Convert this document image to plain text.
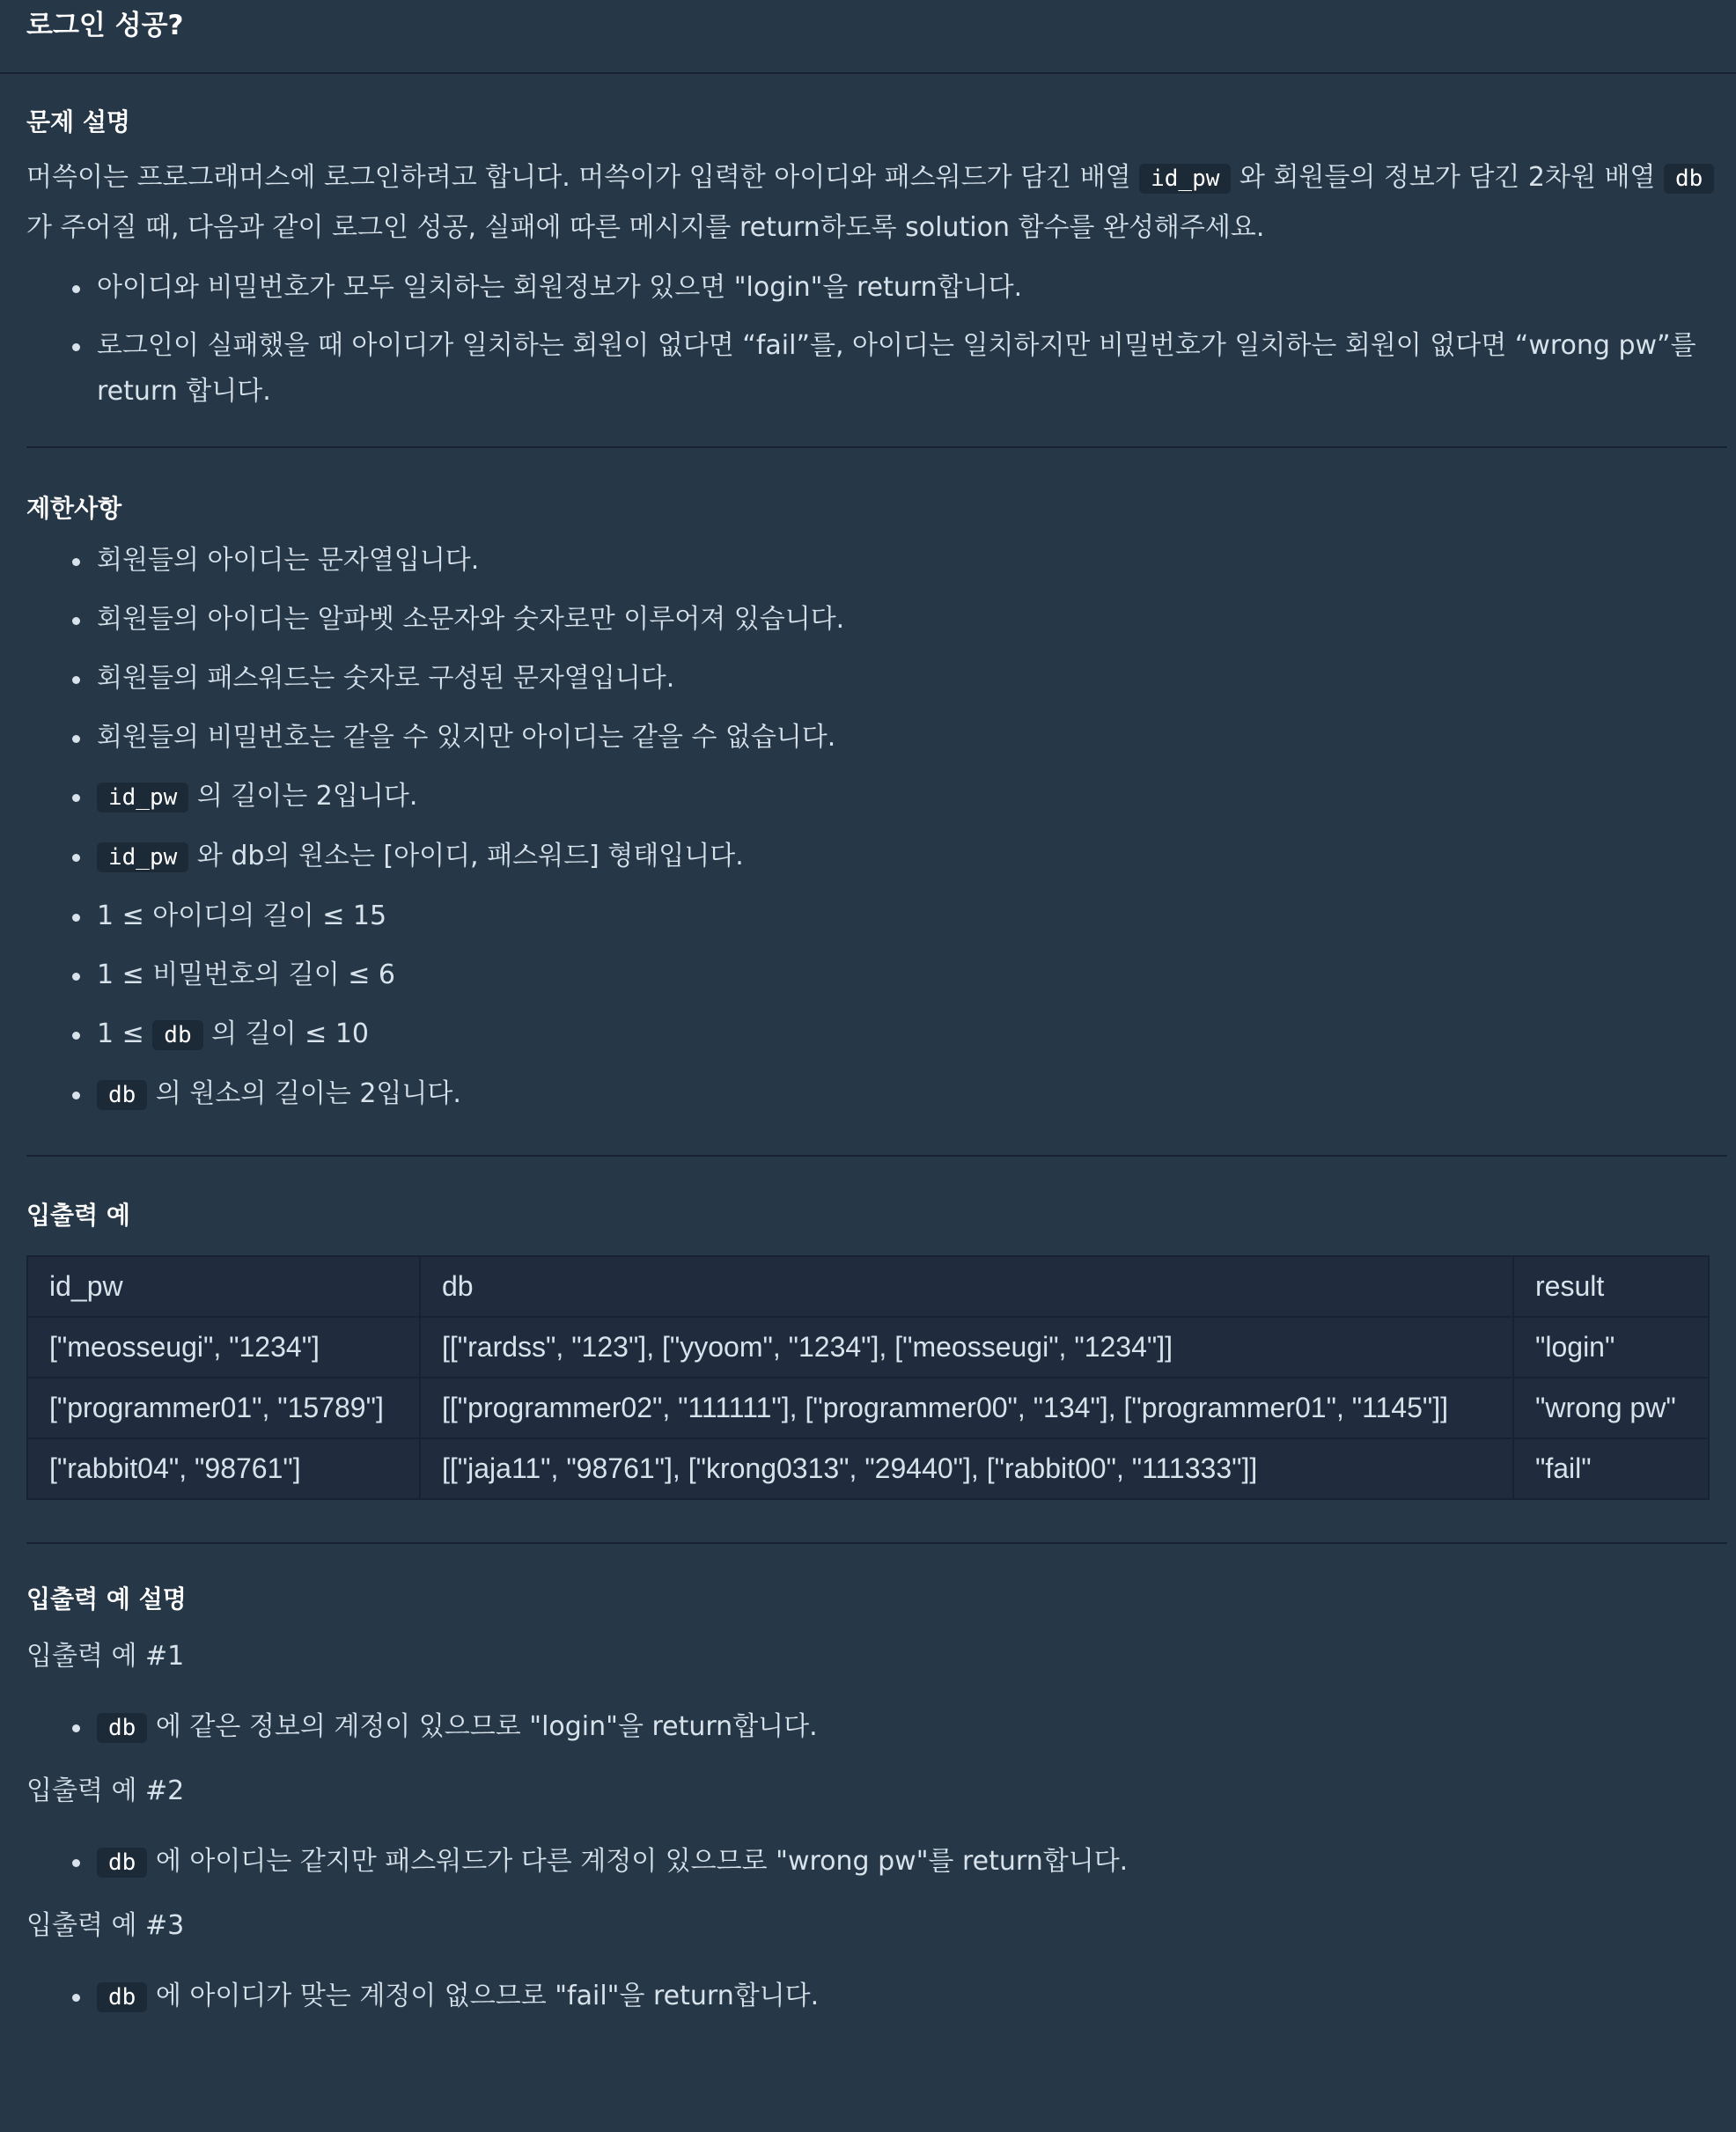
로그인 성공?
문제 설명
머쓱이는 프로그래머스에 로그인하려고 합니다. 머쓱이가 입력한 아이디와 패스워드가 담긴 배열 id_pw 와 회원들의 정보가 담긴 2차원 배열 db 가 주어질 때, 다음과 같이 로그인 성공, 실패에 따른 메시지를 return하도록 solution 함수를 완성해주세요.
아이디와 비밀번호가 모두 일치하는 회원정보가 있으면 "login"을 return합니다.
로그인이 실패했을 때 아이디가 일치하는 회원이 없다면 “fail”를, 아이디는 일치하지만 비밀번호가 일치하는 회원이 없다면 “wrong pw”를 return 합니다.
제한사항
회원들의 아이디는 문자열입니다.
회원들의 아이디는 알파벳 소문자와 숫자로만 이루어져 있습니다.
회원들의 패스워드는 숫자로 구성된 문자열입니다.
회원들의 비밀번호는 같을 수 있지만 아이디는 같을 수 없습니다.
id_pw 의 길이는 2입니다.
id_pw 와 db의 원소는 [아이디, 패스워드] 형태입니다.
1 ≤ 아이디의 길이 ≤ 15
1 ≤ 비밀번호의 길이 ≤ 6
1 ≤ db 의 길이 ≤ 10
db 의 원소의 길이는 2입니다.
입출력 예
id_pw	db	result
["meosseugi", "1234"]	[["rardss", "123"], ["yyoom", "1234"], ["meosseugi", "1234"]]	"login"
["programmer01", "15789"]	[["programmer02", "111111"], ["programmer00", "134"], ["programmer01", "1145"]]	"wrong pw"
["rabbit04", "98761"]	[["jaja11", "98761"], ["krong0313", "29440"], ["rabbit00", "111333"]]	"fail"
입출력 예 설명
입출력 예 #1
db 에 같은 정보의 계정이 있으므로 "login"을 return합니다.
입출력 예 #2
db 에 아이디는 같지만 패스워드가 다른 계정이 있으므로 "wrong pw"를 return합니다.
입출력 예 #3
db 에 아이디가 맞는 계정이 없으므로 "fail"을 return합니다.
